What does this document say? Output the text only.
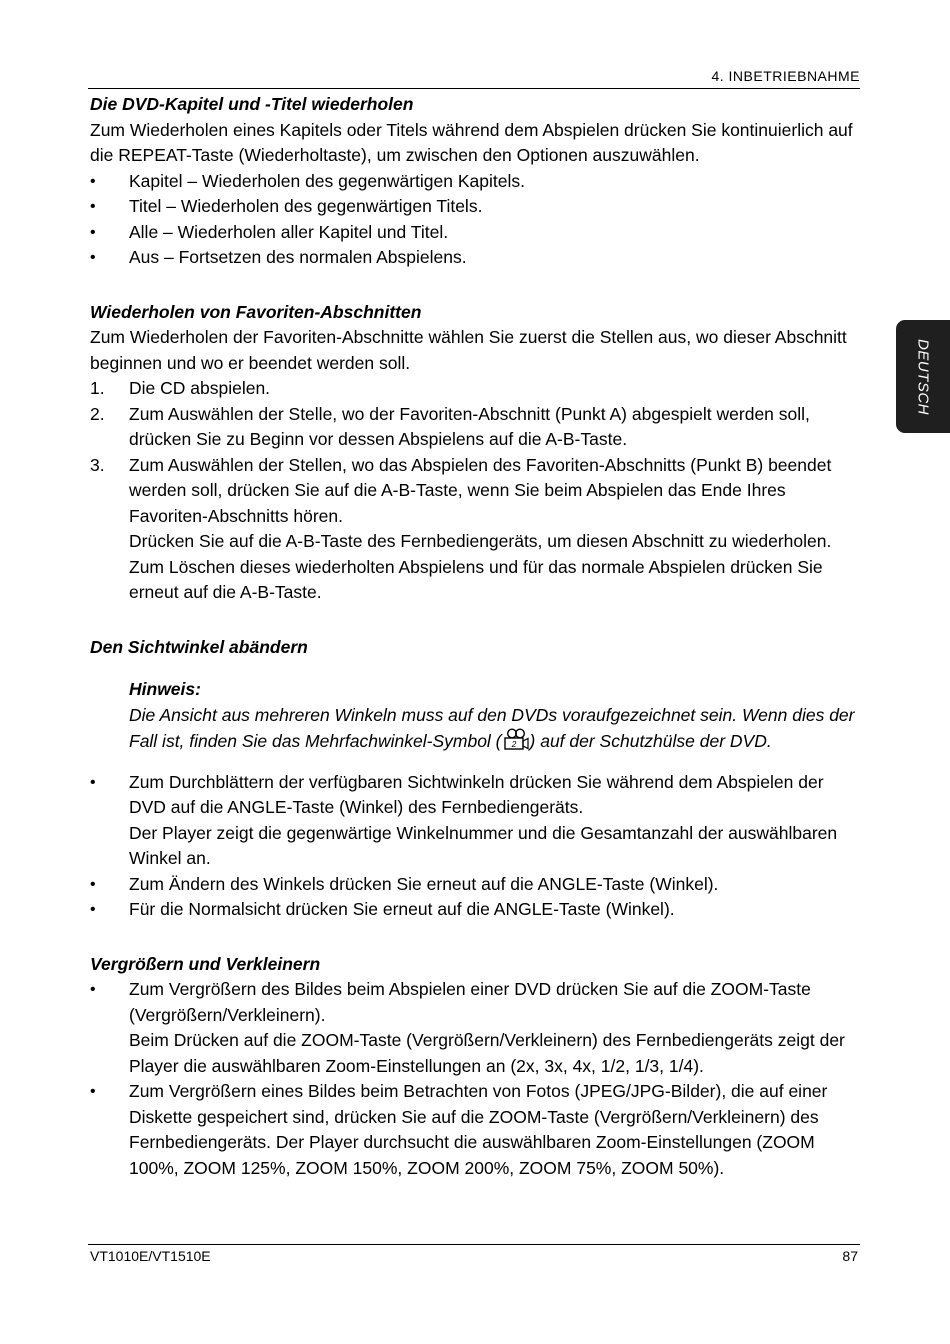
4. INBETRIEBNAHME
DEUTSCH

Die DVD-Kapitel und -Titel wiederholen

Zum Wiederholen eines Kapitels oder Titels während dem Abspielen drücken Sie kontinuierlich auf die REPEAT-Taste (Wiederholtaste), um zwischen den Optionen auszuwählen.

• Kapitel – Wiederholen des gegenwärtigen Kapitels.
• Titel – Wiederholen des gegenwärtigen Titels.
• Alle – Wiederholen aller Kapitel und Titel.
• Aus – Fortsetzen des normalen Abspielens.

Wiederholen von Favoriten-Abschnitten

Zum Wiederholen der Favoriten-Abschnitte wählen Sie zuerst die Stellen aus, wo dieser Abschnitt beginnen und wo er beendet werden soll.

1. Die CD abspielen.
2. Zum Auswählen der Stelle, wo der Favoriten-Abschnitt (Punkt A) abgespielt werden soll, drücken Sie zu Beginn vor dessen Abspielens auf die A-B-Taste.
3. Zum Auswählen der Stellen, wo das Abspielen des Favoriten-Abschnitts (Punkt B) beendet werden soll, drücken Sie auf die A-B-Taste, wenn Sie beim Abspielen das Ende Ihres Favoriten-Abschnitts hören.
Drücken Sie auf die A-B-Taste des Fernbediengeräts, um diesen Abschnitt zu wiederholen. Zum Löschen dieses wiederholten Abspielens und für das normale Abspielen drücken Sie erneut auf die A-B-Taste.

Den Sichtwinkel abändern

Hinweis:
Die Ansicht aus mehreren Winkeln muss auf den DVDs voraufgezeichnet sein. Wenn dies der Fall ist, finden Sie das Mehrfachwinkel-Symbol ( 2 ) auf der Schutzhülse der DVD.
• Zum Durchblättern der verfügbaren Sichtwinkeln drücken Sie während dem Abspielen der DVD auf die ANGLE-Taste (Winkel) des Fernbediengeräts.
Der Player zeigt die gegenwärtige Winkelnummer und die Gesamtanzahl der auswählbaren Winkel an.
• Zum Ändern des Winkels drücken Sie erneut auf die ANGLE-Taste (Winkel).
• Für die Normalsicht drücken Sie erneut auf die ANGLE-Taste (Winkel).

Vergrößern und Verkleinern

• Zum Vergrößern des Bildes beim Abspielen einer DVD drücken Sie auf die ZOOM-Taste (Vergrößern/Verkleinern).
Beim Drücken auf die ZOOM-Taste (Vergrößern/Verkleinern) des Fernbediengeräts zeigt der Player die auswählbaren Zoom-Einstellungen an (2x, 3x, 4x, 1/2, 1/3, 1/4).
• Zum Vergrößern eines Bildes beim Betrachten von Fotos (JPEG/JPG-Bilder), die auf einer Diskette gespeichert sind, drücken Sie auf die ZOOM-Taste (Vergrößern/Verkleinern) des Fernbediengeräts. Der Player durchsucht die auswählbaren Zoom-Einstellungen (ZOOM 100%, ZOOM 125%, ZOOM 150%, ZOOM 200%, ZOOM 75%, ZOOM 50%).
VT1010E/VT1510E	87
